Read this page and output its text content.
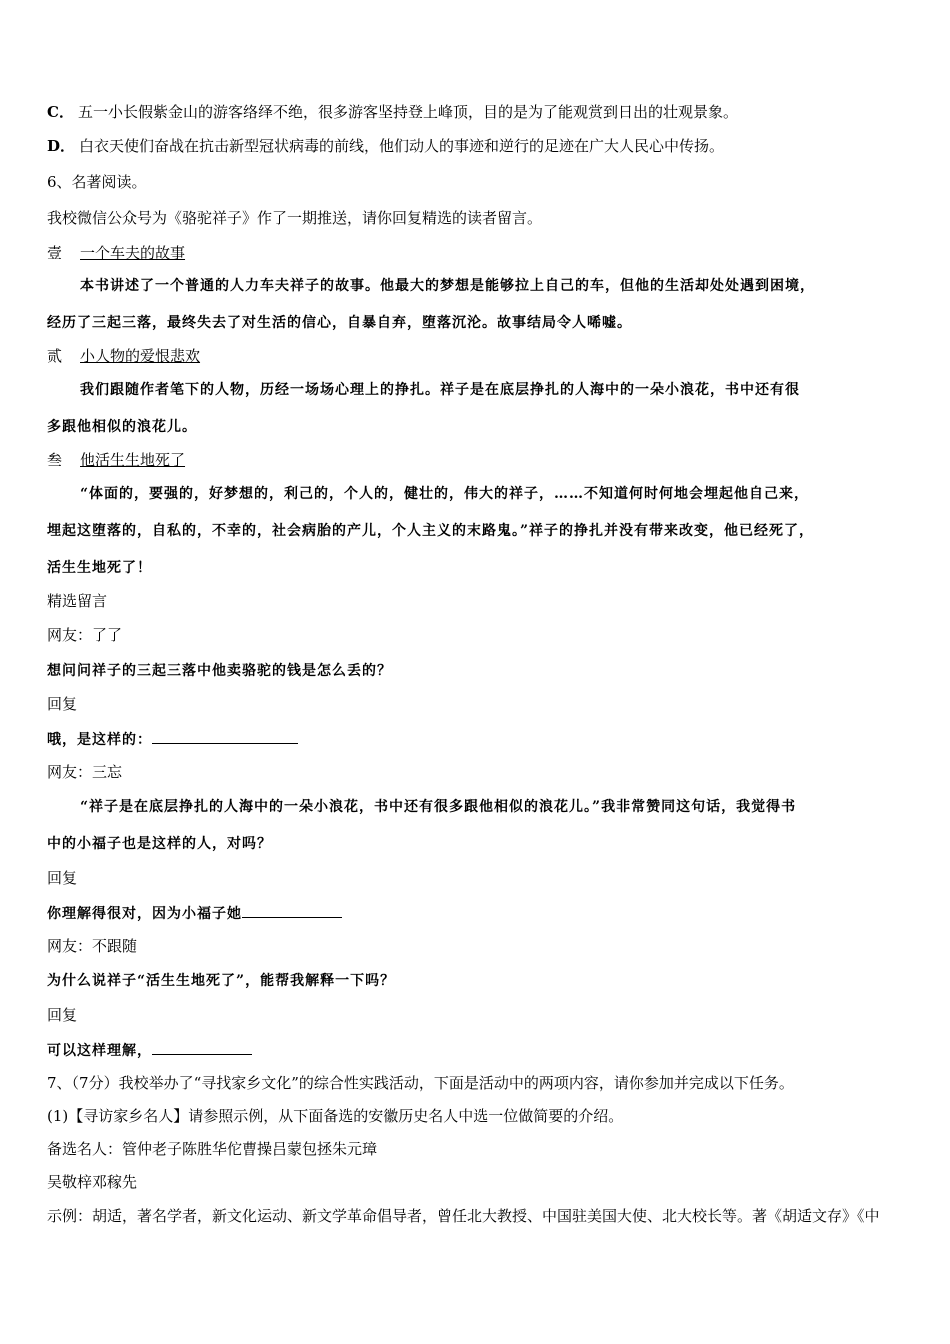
C． 五一小长假紫金山的游客络绎不绝，很多游客坚持登上峰顶，目的是为了能观赏到日出的壮观景象。
D． 白衣天使们奋战在抗击新型冠状病毒的前线，他们动人的事迹和逆行的足迹在广大人民心中传扬。
6、名著阅读。
我校微信公众号为《骆驼祥子》作了一期推送，请你回复精选的读者留言。
壹 一个车夫的故事
本书讲述了一个普通的人力车夫祥子的故事。他最大的梦想是能够拉上自己的车，但他的生活却处处遇到困境，
经历了三起三落，最终失去了对生活的信心，自暴自弃，堕落沉沦。故事结局令人唏嘘。
贰 小人物的爱恨悲欢
我们跟随作者笔下的人物，历经一场场心理上的挣扎。祥子是在底层挣扎的人海中的一朵小浪花，书中还有很
多跟他相似的浪花儿。
叁 他活生生地死了
“体面的，要强的，好梦想的，利己的，个人的，健壮的，伟大的祥子，……不知道何时何地会埋起他自己来，
埋起这堕落的，自私的，不幸的，社会病胎的产儿，个人主义的末路鬼。”祥子的挣扎并没有带来改变，他已经死了，
活生生地死了！
精选留言
网友：了了
想问问祥子的三起三落中他卖骆驼的钱是怎么丢的？
回复
哦，是这样的：
网友：三忘
“祥子是在底层挣扎的人海中的一朵小浪花，书中还有很多跟他相似的浪花儿。”我非常赞同这句话，我觉得书
中的小福子也是这样的人，对吗？
回复
你理解得很对，因为小福子她
网友：不跟随
为什么说祥子“活生生地死了”，能帮我解释一下吗？
回复
可以这样理解，
7、（7分）我校举办了“寻找家乡文化”的综合性实践活动，下面是活动中的两项内容，请你参加并完成以下任务。
(1)【寻访家乡名人】请参照示例，从下面备选的安徽历史名人中选一位做简要的介绍。
备选名人：管仲老子陈胜华佗曹操吕蒙包拯朱元璋
吴敬梓邓稼先
示例：胡适，著名学者，新文化运动、新文学革命倡导者，曾任北大教授、中国驻美国大使、北大校长等。著《胡适文存》《中
